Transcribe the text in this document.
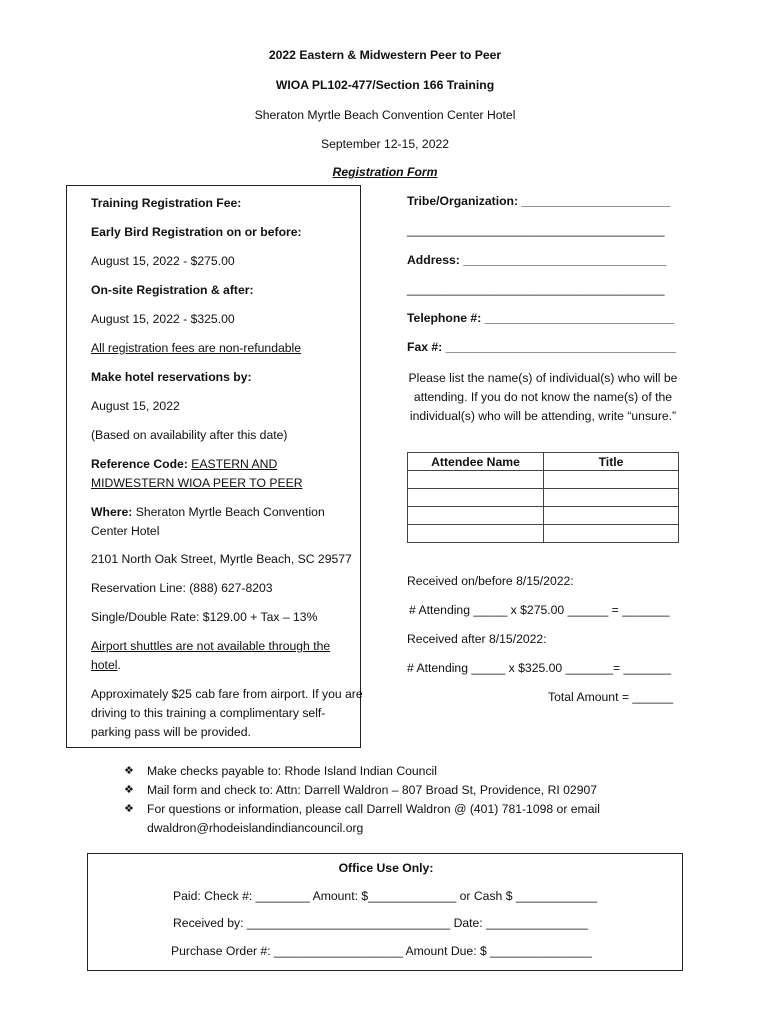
2022 Eastern & Midwestern Peer to Peer
WIOA PL102-477/Section 166 Training
Sheraton Myrtle Beach Convention Center Hotel
September 12-15, 2022
Registration Form
Training Registration Fee:
Early Bird Registration on or before:
August 15, 2022 - $275.00
On-site Registration & after:
August 15, 2022 - $325.00
All registration fees are non-refundable
Make hotel reservations by:
August 15, 2022
(Based on availability after this date)
Reference Code: EASTERN AND MIDWESTERN WIOA PEER TO PEER
Where: Sheraton Myrtle Beach Convention Center Hotel
2101 North Oak Street, Myrtle Beach, SC 29577
Reservation Line: (888) 627-8203
Single/Double Rate: $129.00 + Tax – 13%
Airport shuttles are not available through the hotel.
Approximately $25 cab fare from airport. If you are driving to this training a complimentary self-parking pass will be provided.
Tribe/Organization: ______________________
______________________________________
Address: ______________________________
______________________________________
Telephone #: ____________________________
Fax #: __________________________________
Please list the name(s) of individual(s) who will be attending. If you do not know the name(s) of the individual(s) who will be attending, write “unsure.”
Attendee Name	Title

Received on/before 8/15/2022:
# Attending _____ x $275.00 ______ = _______
Received after 8/15/2022:
# Attending _____ x $325.00 _______= _______
Total Amount = ______
❖ Make checks payable to: Rhode Island Indian Council
❖ Mail form and check to: Attn: Darrell Waldron – 807 Broad St, Providence, RI 02907
❖ For questions or information, please call Darrell Waldron @ (401) 781-1098 or email dwaldron@rhodeislandindiancouncil.org
Office Use Only:
Paid: Check #: ________ Amount: $_____________ or Cash $ ____________
Received by: ______________________________ Date: _______________
Purchase Order #: ___________________ Amount Due: $ _______________
